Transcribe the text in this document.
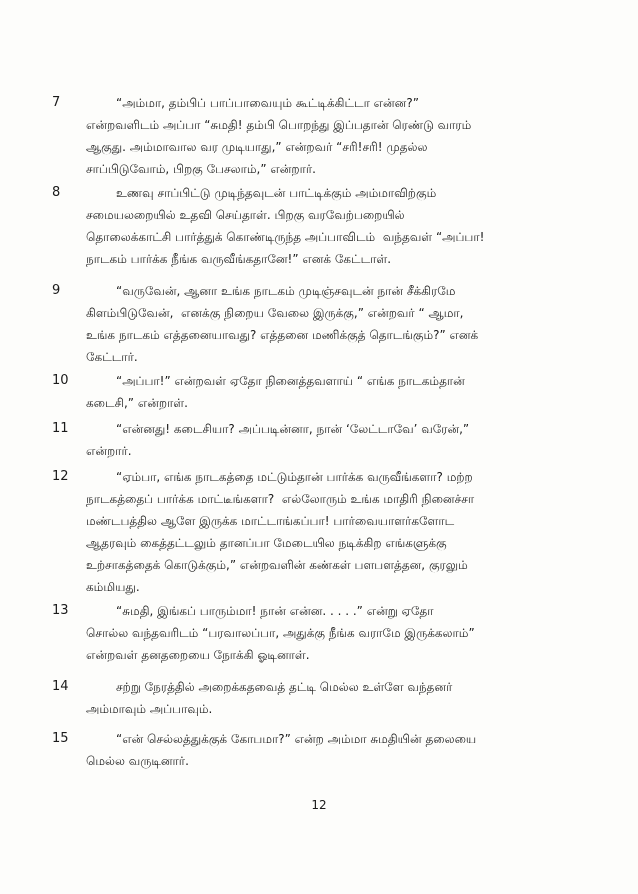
7	“அம்மா, தம்பிப் பாப்பாவையும் கூட்டிக்கிட்டா என்ன?”
என்றவளிடம் அப்பா “சுமதி! தம்பி பொறந்து இப்பதான் ரெண்டு வாரம்
ஆகுது. அம்மாவால வர முடியாது,” என்றவர் “சரி!சரி! முதல்ல
சாப்பிடுவோம், பிறகு பேசலாம்,” என்றார்.
8	உணவு சாப்பிட்டு முடிந்தவுடன் பாட்டிக்கும் அம்மாவிற்கும்
சமையலறையில் உதவி செய்தாள். பிறகு வரவேற்பறையில்
தொலைக்காட்சி பார்த்துக் கொண்டிருந்த அப்பாவிடம்  வந்தவள் “அப்பா!
நாடகம் பார்க்க நீங்க வருவீங்கதானே!” எனக் கேட்டாள்.
9	“வருவேன், ஆனா உங்க நாடகம் முடிஞ்சவுடன் நான் சீக்கிரமே
கிளம்பிடுவேன்,  எனக்கு நிறைய வேலை இருக்கு,” என்றவர் “ ஆமா,
உங்க நாடகம் எத்தனையாவது? எத்தனை மணிக்குத் தொடங்கும்?” எனக்
கேட்டார்.
10	“அப்பா!” என்றவள் ஏதோ நினைத்தவளாய் “ எங்க நாடகம்தான்
கடைசி,” என்றாள்.
11	“என்னது! கடைசியா? அப்படின்னா, நான் ‘லேட்டாவே’ வரேன்,”
என்றார்.
12	“ஏம்பா, எங்க நாடகத்தை மட்டும்தான் பார்க்க வருவீங்களா? மற்ற
நாடகத்தைப் பார்க்க மாட்டீங்களா?  எல்லோரும் உங்க மாதிரி நினைச்சா
மண்டபத்தில ஆளே இருக்க மாட்டாங்கப்பா! பார்வையாளர்களோட
ஆதரவும் கைத்தட்டலும் தானப்பா மேடையில நடிக்கிற எங்களுக்கு
உற்சாகத்தைக் கொடுக்கும்,” என்றவளின் கண்கள் பளபளத்தன, குரலும்
கம்மியது.
13	“சுமதி, இங்கப் பாரும்மா! நான் என்ன. . . . .” என்று ஏதோ
சொல்ல வந்தவரிடம் “பரவாலப்பா, அதுக்கு நீங்க வராமே இருக்கலாம்”
என்றவள் தனதறையை நோக்கி ஓடினாள்.
14	சற்று நேரத்தில் அறைக்கதவைத் தட்டி மெல்ல உள்ளே வந்தனர்
அம்மாவும் அப்பாவும்.
15	“என் செல்லத்துக்குக் கோபமா?” என்ற அம்மா சுமதியின் தலையை
மெல்ல வருடினார்.
12
